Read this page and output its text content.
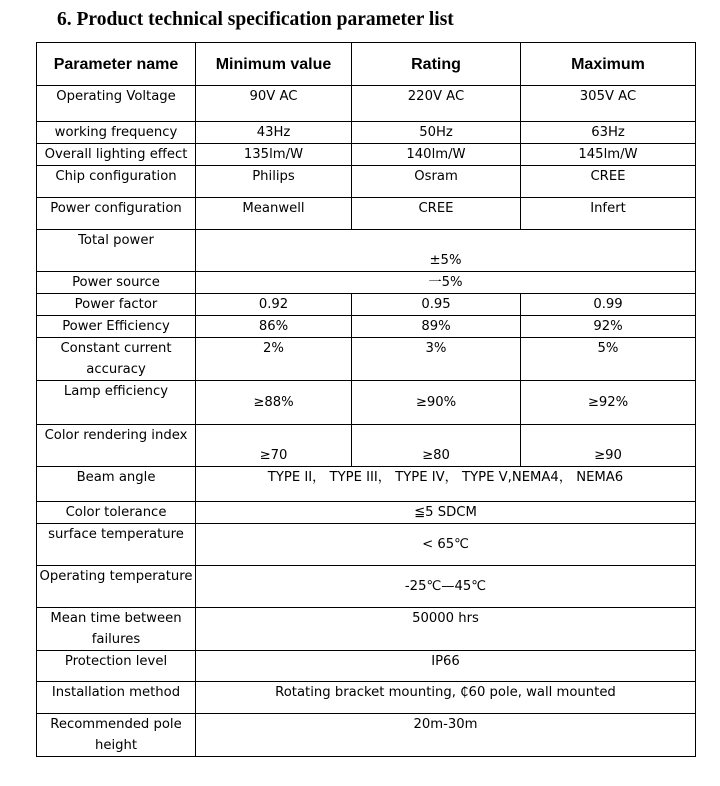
6. Product technical specification parameter list
Parameter name	Minimum value	Rating	Maximum
Operating Voltage	90V AC	220V AC	305V AC
working frequency	43Hz	50Hz	63Hz
Overall lighting effect	135lm/W	140lm/W	145lm/W
Chip configuration	Philips	Osram	CREE
Power configuration	Meanwell	CREE	Infert
Total power	±5%		
Power source	一5%		
Power factor	0.92	0.95	0.99
Power Efficiency	86%	89%	92%
Constant current accuracy	2%	3%	5%
Lamp efficiency	≥88%	≥90%	≥92%
Color rendering index	≥70	≥80	≥90
Beam angle	TYPE II， TYPE III， TYPE IV， TYPE V,NEMA4， NEMA6		
Color tolerance	≦5 SDCM		
surface temperature	< 65℃		
Operating temperature	-25℃—45℃		
Mean time between failures	50000 hrs		
Protection level	IP66		
Installation method	Rotating bracket mounting, ₵60 pole, wall mounted		
Recommended pole height	20m-30m		
